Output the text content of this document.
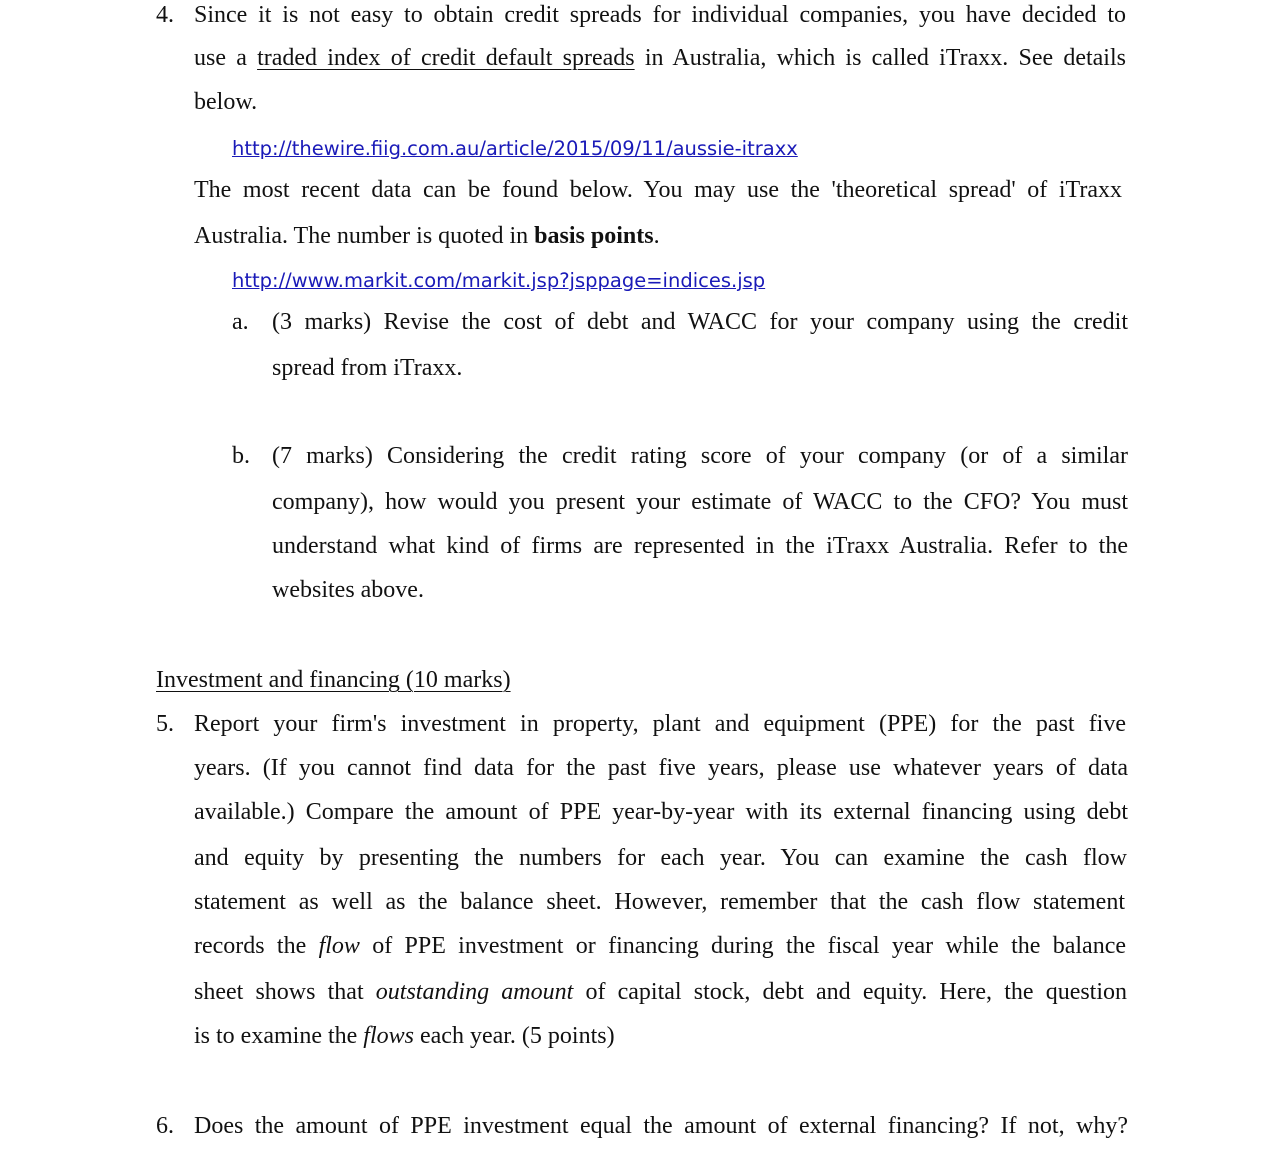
4. Since it is not easy to obtain credit spreads for individual companies, you have decided to
use a traded index of credit default spreads in Australia, which is called iTraxx. See details
below.
http://thewire.fiig.com.au/article/2015/09/11/aussie-itraxx
The most recent data can be found below. You may use the 'theoretical spread' of iTraxx
Australia. The number is quoted in basis points.
http://www.markit.com/markit.jsp?jsppage=indices.jsp
a. (3 marks) Revise the cost of debt and WACC for your company using the credit
spread from iTraxx.
b. (7 marks) Considering the credit rating score of your company (or of a similar
company), how would you present your estimate of WACC to the CFO? You must
understand what kind of firms are represented in the iTraxx Australia. Refer to the
websites above.
Investment and financing (10 marks)
5. Report your firm's investment in property, plant and equipment (PPE) for the past five
years. (If you cannot find data for the past five years, please use whatever years of data
available.) Compare the amount of PPE year-by-year with its external financing using debt
and equity by presenting the numbers for each year. You can examine the cash flow
statement as well as the balance sheet. However, remember that the cash flow statement
records the flow of PPE investment or financing during the fiscal year while the balance
sheet shows that outstanding amount of capital stock, debt and equity. Here, the question
is to examine the flows each year. (5 points)
6. Does the amount of PPE investment equal the amount of external financing? If not, why?
